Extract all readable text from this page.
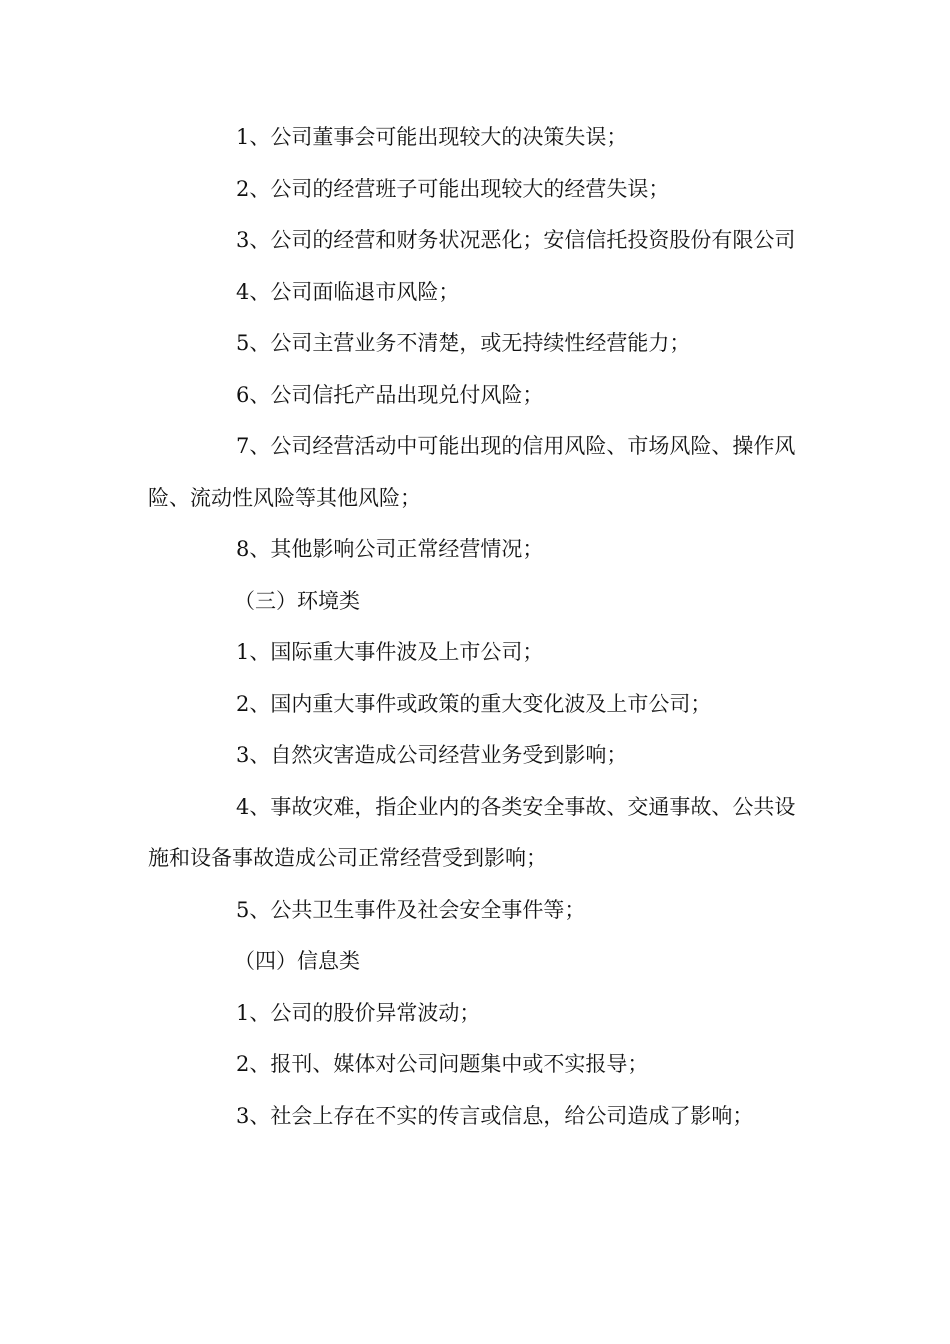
1、公司董事会可能出现较大的决策失误；

2、公司的经营班子可能出现较大的经营失误；

3、公司的经营和财务状况恶化；安信信托投资股份有限公司

4、公司面临退市风险；

5、公司主营业务不清楚，或无持续性经营能力；

6、公司信托产品出现兑付风险；

7、公司经营活动中可能出现的信用风险、市场风险、操作风险、流动性风险等其他风险；

8、其他影响公司正常经营情况；

（三）环境类

1、国际重大事件波及上市公司；

2、国内重大事件或政策的重大变化波及上市公司；

3、自然灾害造成公司经营业务受到影响；

4、事故灾难，指企业内的各类安全事故、交通事故、公共设施和设备事故造成公司正常经营受到影响；

5、公共卫生事件及社会安全事件等；

（四）信息类

1、公司的股价异常波动；

2、报刊、媒体对公司问题集中或不实报导；

3、社会上存在不实的传言或信息，给公司造成了影响；
